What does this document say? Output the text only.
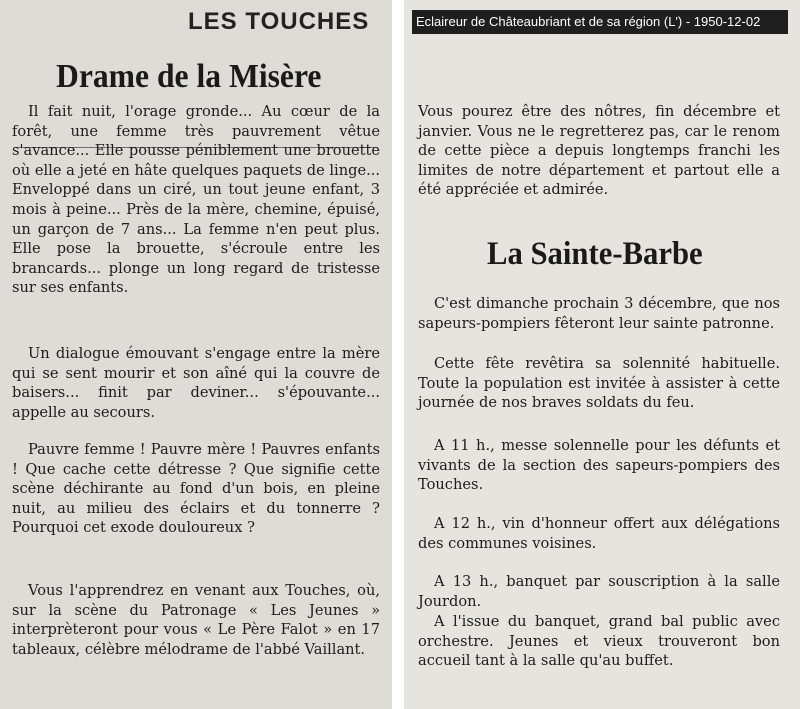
LES TOUCHES
Drame de la Misère

Il fait nuit, l'orage gronde... Au cœur de la forêt, une femme très pauvrement vêtue s'avance... Elle pousse péniblement une brouette où elle a jeté en hâte quelques paquets de linge... Enveloppé dans un ciré, un tout jeune enfant, 3 mois à peine... Près de la mère, chemine, épuisé, un garçon de 7 ans... La femme n'en peut plus. Elle pose la brouette, s'écroule entre les brancards... plonge un long regard de tristesse sur ses enfants.

Un dialogue émouvant s'engage entre la mère qui se sent mourir et son aîné qui la couvre de baisers... finit par deviner... s'épouvante... appelle au secours.

Pauvre femme ! Pauvre mère ! Pauvres enfants ! Que cache cette détresse ? Que signifie cette scène déchirante au fond d'un bois, en pleine nuit, au milieu des éclairs et du tonnerre ? Pourquoi cet exode douloureux ?

Vous l'apprendrez en venant aux Touches, où, sur la scène du Patronage « Les Jeunes » interprèteront pour vous « Le Père Falot » en 17 tableaux, célèbre mélodrame de l'abbé Vaillant.

Vous pourez être des nôtres, fin décembre et janvier. Vous ne le regretterez pas, car le renom de cette pièce a depuis longtemps franchi les limites de notre département et partout elle a été appréciée et admirée.

La Sainte-Barbe

C'est dimanche prochain 3 décembre, que nos sapeurs-pompiers fêteront leur sainte patronne.

Cette fête revêtira sa solennité habituelle. Toute la population est invitée à assister à cette journée de nos braves soldats du feu.

A 11 h., messe solennelle pour les défunts et vivants de la section des sapeurs-pompiers des Touches.

A 12 h., vin d'honneur offert aux délégations des communes voisines.

A 13 h., banquet par souscription à la salle Jourdon.

A l'issue du banquet, grand bal public avec orchestre. Jeunes et vieux trouveront bon accueil tant à la salle qu'au buffet.

Eclaireur de Châteaubriant et de sa région (L') - 1950-12-02
